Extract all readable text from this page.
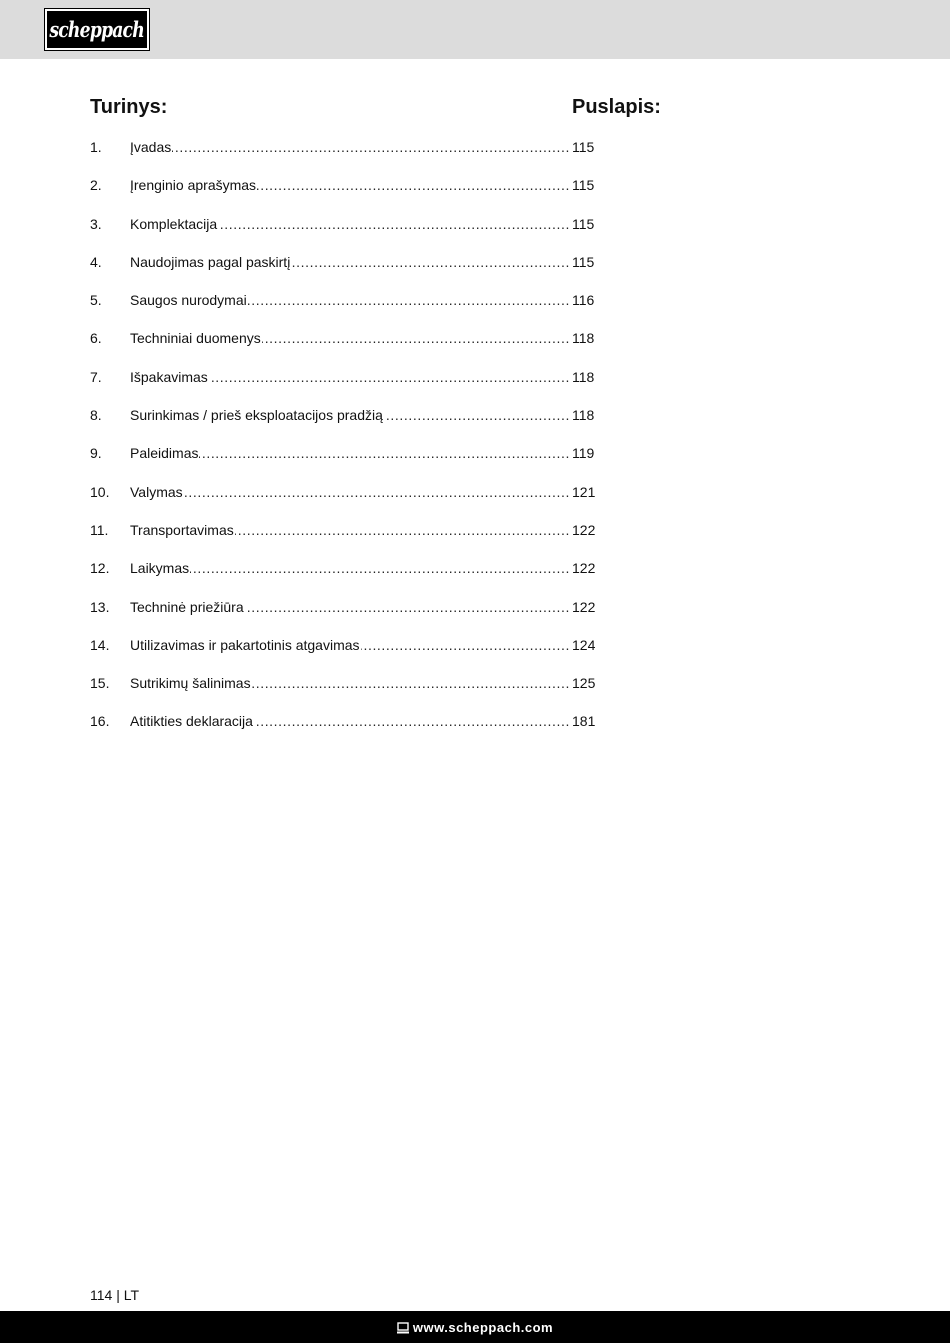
scheppach
Turinys:	Puslapis:
1.	Įvadas .....	115
2.	Įrenginio aprašymas .....	115
3.	Komplektacija .....	115
4.	Naudojimas pagal paskirtį .....	115
5.	Saugos nurodymai .....	116
6.	Techniniai duomenys .....	118
7.	Išpakavimas .....	118
8.	Surinkimas / prieš eksploatacijos pradžią .....	118
9.	Paleidimas .....	119
10.	Valymas .....	121
11.	Transportavimas .....	122
12.	Laikymas .....	122
13.	Techninė priežiūra .....	122
14.	Utilizavimas ir pakartotinis atgavimas .....	124
15.	Sutrikimų šalinimas .....	125
16.	Atitikties deklaracija .....	181
114 | LT
www.scheppach.com
